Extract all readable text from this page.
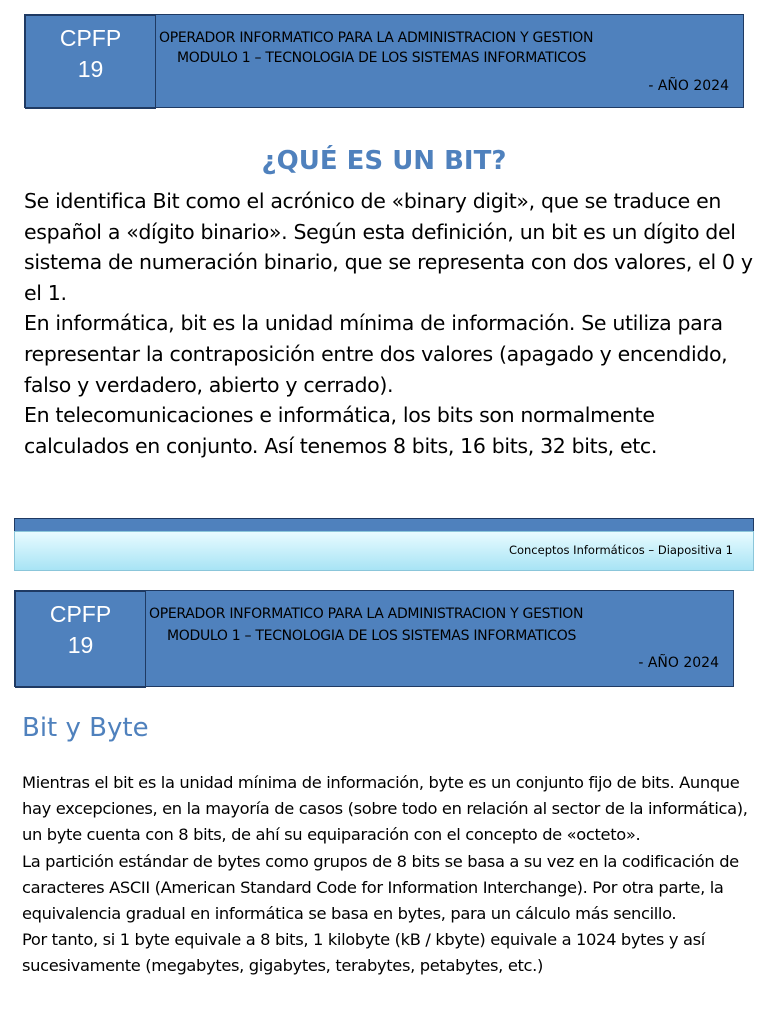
CPFP
19
OPERADOR INFORMATICO PARA LA ADMINISTRACION Y GESTION
MODULO 1 – TECNOLOGIA DE LOS SISTEMAS INFORMATICOS
- AÑO 2024
¿QUÉ ES UN BIT?

Se identifica Bit como el acrónico de «binary digit», que se traduce en español a «dígito binario». Según esta definición, un bit es un dígito del sistema de numeración binario, que se representa con dos valores, el 0 y el 1.

En informática, bit es la unidad mínima de información. Se utiliza para representar la contraposición entre dos valores (apagado y encendido, falso y verdadero, abierto y cerrado).

En telecomunicaciones e informática, los bits son normalmente calculados en conjunto. Así tenemos 8 bits, 16 bits, 32 bits, etc.

Conceptos Informáticos – Diapositiva 1
CPFP
19
OPERADOR INFORMATICO PARA LA ADMINISTRACION Y GESTION
MODULO 1 – TECNOLOGIA DE LOS SISTEMAS INFORMATICOS
- AÑO 2024
Bit y Byte

Mientras el bit es la unidad mínima de información, byte es un conjunto fijo de bits. Aunque hay excepciones, en la mayoría de casos (sobre todo en relación al sector de la informática), un byte cuenta con 8 bits, de ahí su equiparación con el concepto de «octeto».

La partición estándar de bytes como grupos de 8 bits se basa a su vez en la codificación de caracteres ASCII (American Standard Code for Information Interchange). Por otra parte, la equivalencia gradual en informática se basa en bytes, para un cálculo más sencillo.

Por tanto, si 1 byte equivale a 8 bits, 1 kilobyte (kB / kbyte) equivale a 1024 bytes y así sucesivamente (megabytes, gigabytes, terabytes, petabytes, etc.)
